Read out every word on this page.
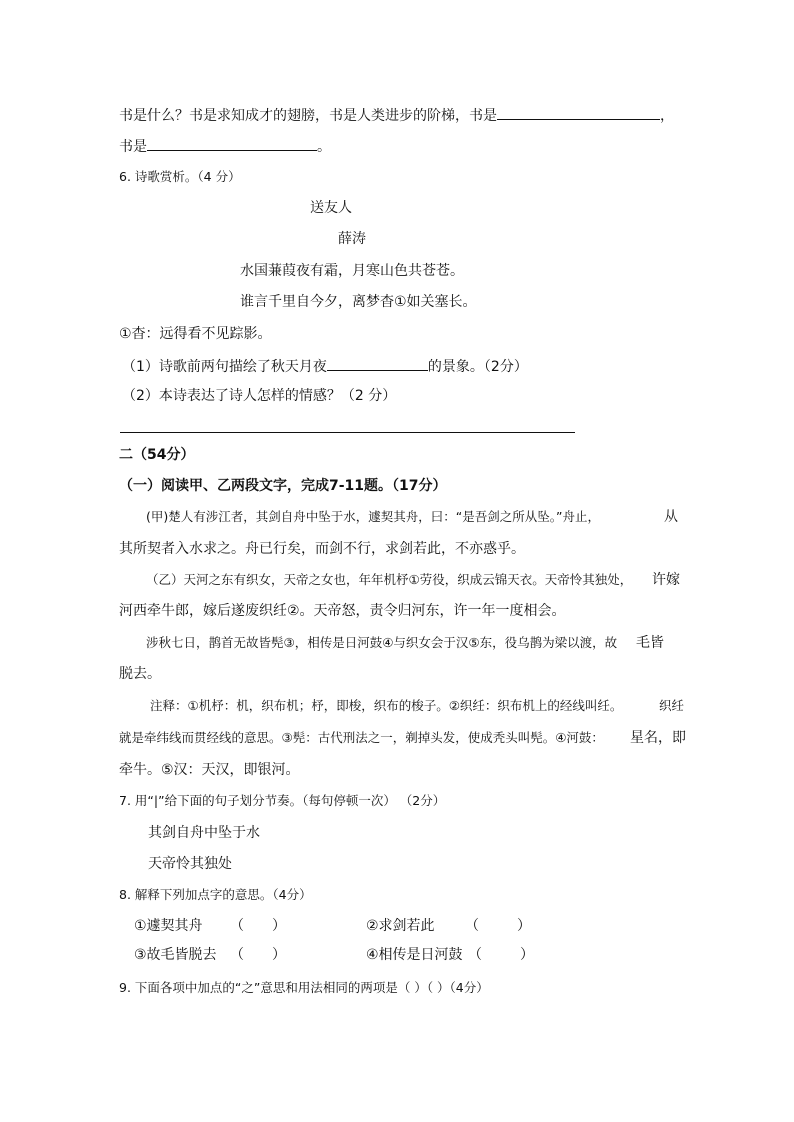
书是什么？书是求知成才的翅膀，书是人类进步的阶梯，书是	，
书是	。
6. 诗歌赏析。（4 分）
送友人
薛涛
水国蒹葭夜有霜，月寒山色共苍苍。
谁言千里自今夕，离梦杳①如关塞长。
①杳：远得看不见踪影。
（1）诗歌前两句描绘了秋天月夜	的景象。（2分）
（2）本诗表达了诗人怎样的情感？（2 分）
二（54分）
（一）阅读甲、乙两段文字，完成7-11题。（17分）
(甲)楚人有涉江者，其剑自舟中坠于水，遽契其舟，曰：“是吾剑之所从坠。”舟止，	从
其所契者入水求之。舟已行矣，而剑不行，求剑若此，不亦惑乎。
（乙）天河之东有织女，天帝之女也，年年机杼①劳役，织成云锦天衣。天帝怜其独处， 许嫁
河西牵牛郎，嫁后遂废织纴②。天帝怒，责令归河东，许一年一度相会。
涉秋七日，鹊首无故皆髡③，相传是日河鼓④与织女会于汉⑤东，役乌鹊为梁以渡，故 毛皆
脱去。
注释：①机杼：机，织布机；杼，即梭，织布的梭子。②织纴：织布机上的经线叫纴。	织纴
就是牵纬线而贯经线的意思。③髡：古代刑法之一，剃掉头发，使成秃头叫髡。④河鼓： 星名，即
牵牛。⑤汉：天汉，即银河。
7. 用“|”给下面的句子划分节奏。（每句停顿一次） （2分）
其剑自舟中坠于水
天帝怜其独处
8. 解释下列加点字的意思。（4分）
①遽契其舟 （ ）	②求剑若此 （	）
③故毛皆脱去 （ ）	④相传是日河鼓 （	）
9. 下面各项中加点的“之”意思和用法相同的两项是（ ）（ ）（4分）
